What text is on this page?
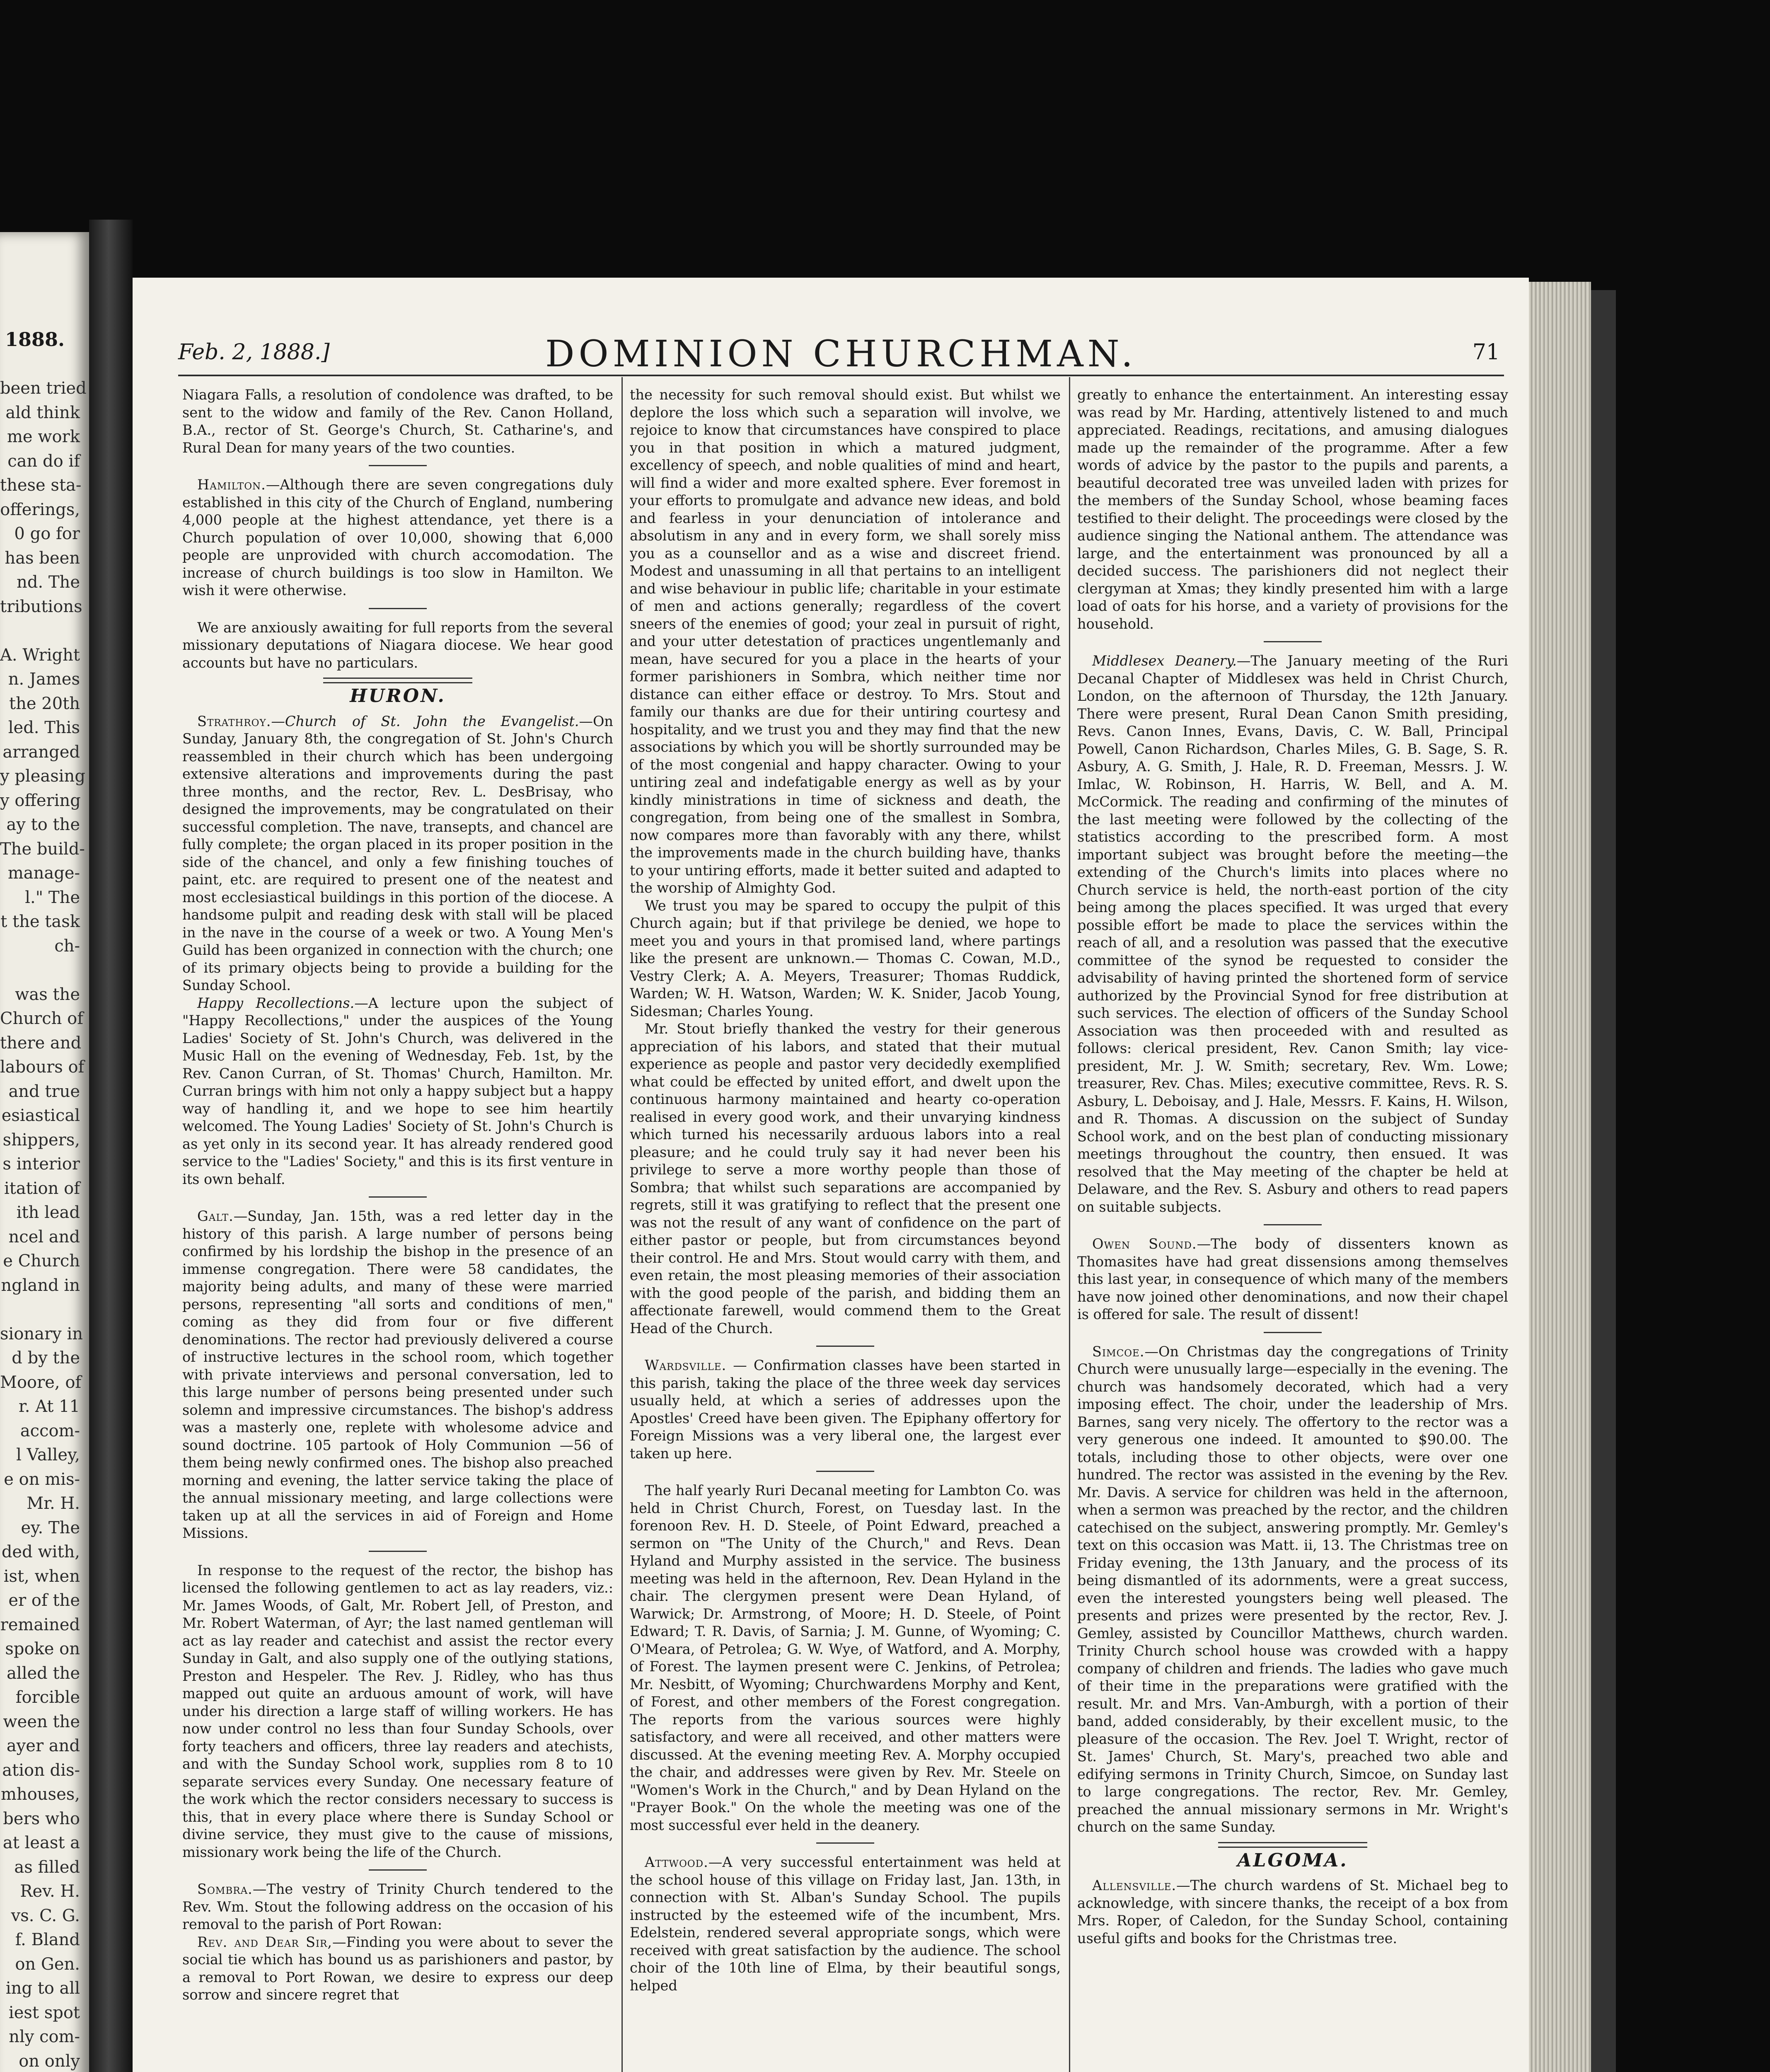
1888.
been tried
ald think
me work
can do if
these sta-
offerings,
0 go for
has been
nd. The
tributions
A. Wright
n. James
the 20th
led. This
arranged
y pleasing
y offering
ay to the
The build-
manage-
l." The
t the task
ch-
was the
Church of
there and
labours of
and true
esiastical
shippers,
s interior
itation of
ith lead
ncel and
e Church
ngland in
sionary in
d by the
Moore, of
r. At 11
accom-
l Valley,
e on mis-
Mr. H.
ey. The
ded with,
ist, when
er of the
remained
spoke on
alled the
forcible
ween the
ayer and
ation dis-
mhouses,
bers who
at least a
as filled
Rev. H.
vs. C. G.
f. Bland
on Gen.
ing to all
iest spot
nly com-
on only
Feb. 2, 1888.]	DOMINION CHURCHMAN.	71

Niagara Falls, a resolution of condolence was drafted, to be sent to the widow and family of the Rev. Canon Holland, B.A., rector of St. George's Church, St. Catharine's, and Rural Dean for many years of the two counties.

Hamilton.—Although there are seven congregations duly established in this city of the Church of England, numbering 4,000 people at the highest attendance, yet there is a Church population of over 10,000, showing that 6,000 people are unprovided with church accomodation. The increase of church buildings is too slow in Hamilton. We wish it were otherwise.

We are anxiously awaiting for full reports from the several missionary deputations of Niagara diocese. We hear good accounts but have no particulars.

HURON.

Strathroy.—Church of St. John the Evangelist.—On Sunday, January 8th, the congregation of St. John's Church reassembled in their church which has been undergoing extensive alterations and improvements during the past three months, and the rector, Rev. L. DesBrisay, who designed the improvements, may be congratulated on their successful completion. The nave, transepts, and chancel are fully complete; the organ placed in its proper position in the side of the chancel, and only a few finishing touches of paint, etc. are required to present one of the neatest and most ecclesiastical buildings in this portion of the diocese. A handsome pulpit and reading desk with stall will be placed in the nave in the course of a week or two. A Young Men's Guild has been organized in connection with the church; one of its primary objects being to provide a building for the Sunday School.

Happy Recollections.—A lecture upon the subject of "Happy Recollections," under the auspices of the Young Ladies' Society of St. John's Church, was delivered in the Music Hall on the evening of Wednesday, Feb. 1st, by the Rev. Canon Curran, of St. Thomas' Church, Hamilton. Mr. Curran brings with him not only a happy subject but a happy way of handling it, and we hope to see him heartily welcomed. The Young Ladies' Society of St. John's Church is as yet only in its second year. It has already rendered good service to the "Ladies' Society," and this is its first venture in its own behalf.

Galt.—Sunday, Jan. 15th, was a red letter day in the history of this parish. A large number of persons being confirmed by his lordship the bishop in the presence of an immense congregation. There were 58 candidates, the majority being adults, and many of these were married persons, representing "all sorts and conditions of men," coming as they did from four or five different denominations. The rector had previously delivered a course of instructive lectures in the school room, which together with private interviews and personal conversation, led to this large number of persons being presented under such solemn and impressive circumstances. The bishop's address was a masterly one, replete with wholesome advice and sound doctrine. 105 partook of Holy Communion —56 of them being newly confirmed ones. The bishop also preached morning and evening, the latter service taking the place of the annual missionary meeting, and large collections were taken up at all the services in aid of Foreign and Home Missions.

In response to the request of the rector, the bishop has licensed the following gentlemen to act as lay readers, viz.: Mr. James Woods, of Galt, Mr. Robert Jell, of Preston, and Mr. Robert Waterman, of Ayr; the last named gentleman will act as lay reader and catechist and assist the rector every Sunday in Galt, and also supply one of the outlying stations, Preston and Hespeler. The Rev. J. Ridley, who has thus mapped out quite an arduous amount of work, will have under his direction a large staff of willing workers. He has now under control no less than four Sunday Schools, over forty teachers and officers, three lay readers and atechists, and with the Sunday School work, supplies rom 8 to 10 separate services every Sunday. One necessary feature of the work which the rector considers necessary to success is this, that in every place where there is Sunday School or divine service, they must give to the cause of missions, missionary work being the life of the Church.

Sombra.—The vestry of Trinity Church tendered to the Rev. Wm. Stout the following address on the occasion of his removal to the parish of Port Rowan:

Rev. and Dear Sir,—Finding you were about to sever the social tie which has bound us as parishioners and pastor, by a removal to Port Rowan, we desire to express our deep sorrow and sincere regret that

the necessity for such removal should exist. But whilst we deplore the loss which such a separation will involve, we rejoice to know that circumstances have conspired to place you in that position in which a matured judgment, excellency of speech, and noble qualities of mind and heart, will find a wider and more exalted sphere. Ever foremost in your efforts to promulgate and advance new ideas, and bold and fearless in your denunciation of intolerance and absolutism in any and in every form, we shall sorely miss you as a counsellor and as a wise and discreet friend. Modest and unassuming in all that pertains to an intelligent and wise behaviour in public life; charitable in your estimate of men and actions generally; regardless of the covert sneers of the enemies of good; your zeal in pursuit of right, and your utter detestation of practices ungentlemanly and mean, have secured for you a place in the hearts of your former parishioners in Sombra, which neither time nor distance can either efface or destroy. To Mrs. Stout and family our thanks are due for their untiring courtesy and hospitality, and we trust you and they may find that the new associations by which you will be shortly surrounded may be of the most congenial and happy character. Owing to your untiring zeal and indefatigable energy as well as by your kindly ministrations in time of sickness and death, the congregation, from being one of the smallest in Sombra, now compares more than favorably with any there, whilst the improvements made in the church building have, thanks to your untiring efforts, made it better suited and adapted to the worship of Almighty God.

We trust you may be spared to occupy the pulpit of this Church again; but if that privilege be denied, we hope to meet you and yours in that promised land, where partings like the present are unknown.— Thomas C. Cowan, M.D., Vestry Clerk; A. A. Meyers, Treasurer; Thomas Ruddick, Warden; W. H. Watson, Warden; W. K. Snider, Jacob Young, Sidesman; Charles Young.

Mr. Stout briefly thanked the vestry for their generous appreciation of his labors, and stated that their mutual experience as people and pastor very decidedly exemplified what could be effected by united effort, and dwelt upon the continuous harmony maintained and hearty co-operation realised in every good work, and their unvarying kindness which turned his necessarily arduous labors into a real pleasure; and he could truly say it had never been his privilege to serve a more worthy people than those of Sombra; that whilst such separations are accompanied by regrets, still it was gratifying to reflect that the present one was not the result of any want of confidence on the part of either pastor or people, but from circumstances beyond their control. He and Mrs. Stout would carry with them, and even retain, the most pleasing memories of their association with the good people of the parish, and bidding them an affectionate farewell, would commend them to the Great Head of the Church.

Wardsville. — Confirmation classes have been started in this parish, taking the place of the three week day services usually held, at which a series of addresses upon the Apostles' Creed have been given. The Epiphany offertory for Foreign Missions was a very liberal one, the largest ever taken up here.

The half yearly Ruri Decanal meeting for Lambton Co. was held in Christ Church, Forest, on Tuesday last. In the forenoon Rev. H. D. Steele, of Point Edward, preached a sermon on "The Unity of the Church," and Revs. Dean Hyland and Murphy assisted in the service. The business meeting was held in the afternoon, Rev. Dean Hyland in the chair. The clergymen present were Dean Hyland, of Warwick; Dr. Armstrong, of Moore; H. D. Steele, of Point Edward; T. R. Davis, of Sarnia; J. M. Gunne, of Wyoming; C. O'Meara, of Petrolea; G. W. Wye, of Watford, and A. Morphy, of Forest. The laymen present were C. Jenkins, of Petrolea; Mr. Nesbitt, of Wyoming; Churchwardens Morphy and Kent, of Forest, and other members of the Forest congregation. The reports from the various sources were highly satisfactory, and were all received, and other matters were discussed. At the evening meeting Rev. A. Morphy occupied the chair, and addresses were given by Rev. Mr. Steele on "Women's Work in the Church," and by Dean Hyland on the "Prayer Book." On the whole the meeting was one of the most successful ever held in the deanery.

Attwood.—A very successful entertainment was held at the school house of this village on Friday last, Jan. 13th, in connection with St. Alban's Sunday School. The pupils instructed by the esteemed wife of the incumbent, Mrs. Edelstein, rendered several appropriate songs, which were received with great satisfaction by the audience. The school choir of the 10th line of Elma, by their beautiful songs, helped

greatly to enhance the entertainment. An interesting essay was read by Mr. Harding, attentively listened to and much appreciated. Readings, recitations, and amusing dialogues made up the remainder of the programme. After a few words of advice by the pastor to the pupils and parents, a beautiful decorated tree was unveiled laden with prizes for the members of the Sunday School, whose beaming faces testified to their delight. The proceedings were closed by the audience singing the National anthem. The attendance was large, and the entertainment was pronounced by all a decided success. The parishioners did not neglect their clergyman at Xmas; they kindly presented him with a large load of oats for his horse, and a variety of provisions for the household.

Middlesex Deanery.—The January meeting of the Ruri Decanal Chapter of Middlesex was held in Christ Church, London, on the afternoon of Thursday, the 12th January. There were present, Rural Dean Canon Smith presiding, Revs. Canon Innes, Evans, Davis, C. W. Ball, Principal Powell, Canon Richardson, Charles Miles, G. B. Sage, S. R. Asbury, A. G. Smith, J. Hale, R. D. Freeman, Messrs. J. W. Imlac, W. Robinson, H. Harris, W. Bell, and A. M. McCormick. The reading and confirming of the minutes of the last meeting were followed by the collecting of the statistics according to the prescribed form. A most important subject was brought before the meeting—the extending of the Church's limits into places where no Church service is held, the north-east portion of the city being among the places specified. It was urged that every possible effort be made to place the services within the reach of all, and a resolution was passed that the executive committee of the synod be requested to consider the advisability of having printed the shortened form of service authorized by the Provincial Synod for free distribution at such services. The election of officers of the Sunday School Association was then proceeded with and resulted as follows: clerical president, Rev. Canon Smith; lay vice-president, Mr. J. W. Smith; secretary, Rev. Wm. Lowe; treasurer, Rev. Chas. Miles; executive committee, Revs. R. S. Asbury, L. Deboisay, and J. Hale, Messrs. F. Kains, H. Wilson, and R. Thomas. A discussion on the subject of Sunday School work, and on the best plan of conducting missionary meetings throughout the country, then ensued. It was resolved that the May meeting of the chapter be held at Delaware, and the Rev. S. Asbury and others to read papers on suitable subjects.

Owen Sound.—The body of dissenters known as Thomasites have had great dissensions among themselves this last year, in consequence of which many of the members have now joined other denominations, and now their chapel is offered for sale. The result of dissent!

Simcoe.—On Christmas day the congregations of Trinity Church were unusually large—especially in the evening. The church was handsomely decorated, which had a very imposing effect. The choir, under the leadership of Mrs. Barnes, sang very nicely. The offertory to the rector was a very generous one indeed. It amounted to $90.00. The totals, including those to other objects, were over one hundred. The rector was assisted in the evening by the Rev. Mr. Davis. A service for children was held in the afternoon, when a sermon was preached by the rector, and the children catechised on the subject, answering promptly. Mr. Gemley's text on this occasion was Matt. ii, 13. The Christmas tree on Friday evening, the 13th January, and the process of its being dismantled of its adornments, were a great success, even the interested youngsters being well pleased. The presents and prizes were presented by the rector, Rev. J. Gemley, assisted by Councillor Matthews, church warden. Trinity Church school house was crowded with a happy company of children and friends. The ladies who gave much of their time in the preparations were gratified with the result. Mr. and Mrs. Van-Amburgh, with a portion of their band, added considerably, by their excellent music, to the pleasure of the occasion. The Rev. Joel T. Wright, rector of St. James' Church, St. Mary's, preached two able and edifying sermons in Trinity Church, Simcoe, on Sunday last to large congregations. The rector, Rev. Mr. Gemley, preached the annual missionary sermons in Mr. Wright's church on the same Sunday.

ALGOMA.

Allensville.—The church wardens of St. Michael beg to acknowledge, with sincere thanks, the receipt of a box from Mrs. Roper, of Caledon, for the Sunday School, containing useful gifts and books for the Christmas tree.
